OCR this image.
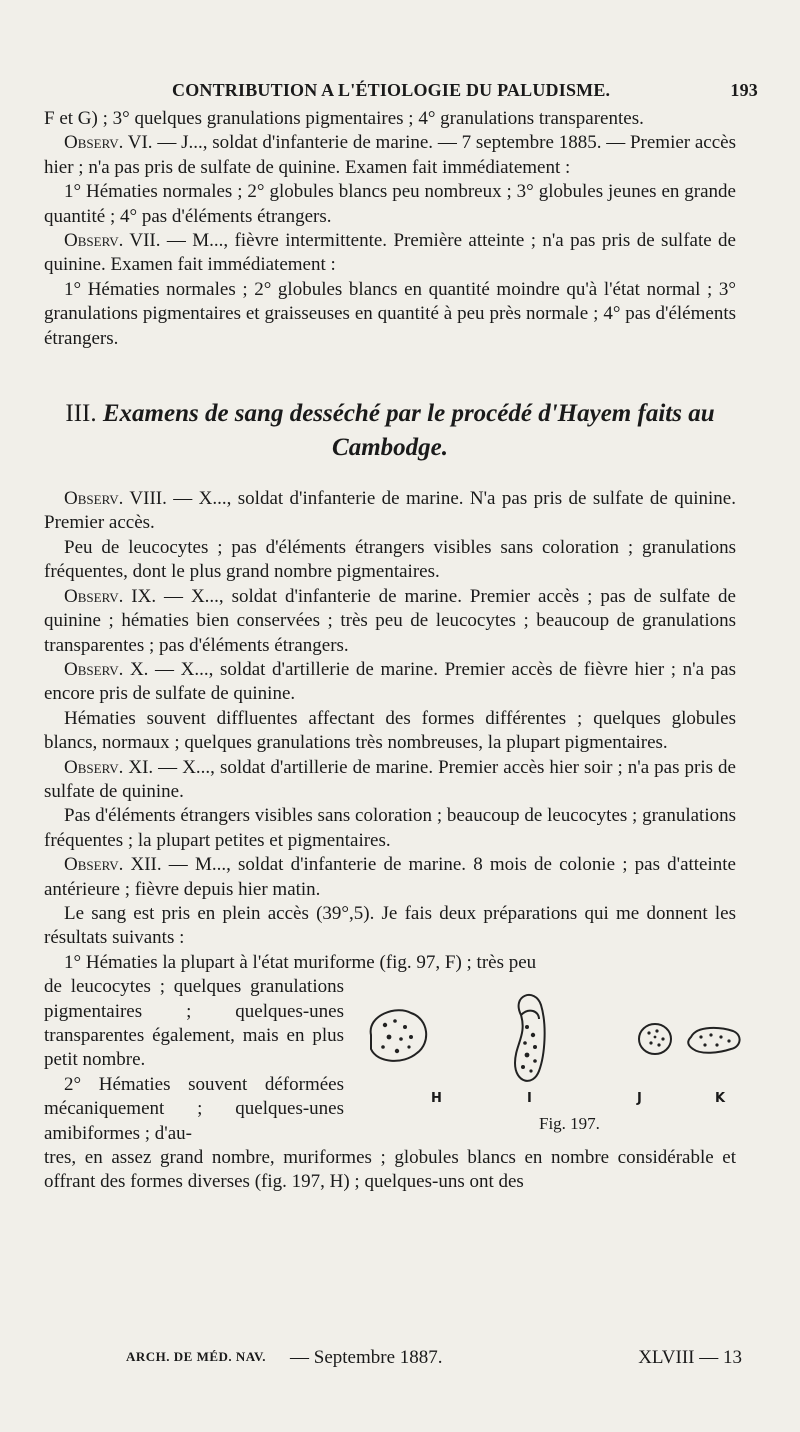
CONTRIBUTION A L'ÉTIOLOGIE DU PALUDISME.	193

F et G) ; 3° quelques granulations pigmentaires ; 4° granulations transparentes.

Observ. VI. — J..., soldat d'infanterie de marine. — 7 septembre 1885. — Premier accès hier ; n'a pas pris de sulfate de quinine. Examen fait immédiatement :

1° Hématies normales ; 2° globules blancs peu nombreux ; 3° globules jeunes en grande quantité ; 4° pas d'éléments étrangers.

Observ. VII. — M..., fièvre intermittente. Première atteinte ; n'a pas pris de sulfate de quinine. Examen fait immédiatement :

1° Hématies normales ; 2° globules blancs en quantité moindre qu'à l'état normal ; 3° granulations pigmentaires et graisseuses en quantité à peu près normale ; 4° pas d'éléments étrangers.

III. Examens de sang desséché par le procédé d'Hayem faits au Cambodge.

Observ. VIII. — X..., soldat d'infanterie de marine. N'a pas pris de sulfate de quinine. Premier accès.

Peu de leucocytes ; pas d'éléments étrangers visibles sans coloration ; granulations fréquentes, dont le plus grand nombre pigmentaires.

Observ. IX. — X..., soldat d'infanterie de marine. Premier accès ; pas de sulfate de quinine ; hématies bien conservées ; très peu de leucocytes ; beaucoup de granulations transparentes ; pas d'éléments étrangers.

Observ. X. — X..., soldat d'artillerie de marine. Premier accès de fièvre hier ; n'a pas encore pris de sulfate de quinine.

Hématies souvent diffluentes affectant des formes différentes ; quelques globules blancs, normaux ; quelques granulations très nombreuses, la plupart pigmentaires.

Observ. XI. — X..., soldat d'artillerie de marine. Premier accès hier soir ; n'a pas pris de sulfate de quinine.

Pas d'éléments étrangers visibles sans coloration ; beaucoup de leucocytes ; granulations fréquentes ; la plupart petites et pigmentaires.

Observ. XII. — M..., soldat d'infanterie de marine. 8 mois de colonie ; pas d'atteinte antérieure ; fièvre depuis hier matin.

Le sang est pris en plein accès (39°,5). Je fais deux préparations qui me donnent les résultats suivants :

1° Hématies la plupart à l'état muriforme (fig. 97, F) ; très peu

de leucocytes ; quelques granulations pigmentaires ; quelques-unes transparentes également, mais en plus petit nombre.

2° Hématies souvent déformées mécaniquement ; quelques-unes amibiformes ; d'au-

H	I	J	K
Fig. 197.

tres, en assez grand nombre, muriformes ; globules blancs en nombre considérable et offrant des formes diverses (fig. 197, H) ; quelques-uns ont des

ARCH. DE MÉD. NAV. — Septembre 1887.	XLVIII — 13
